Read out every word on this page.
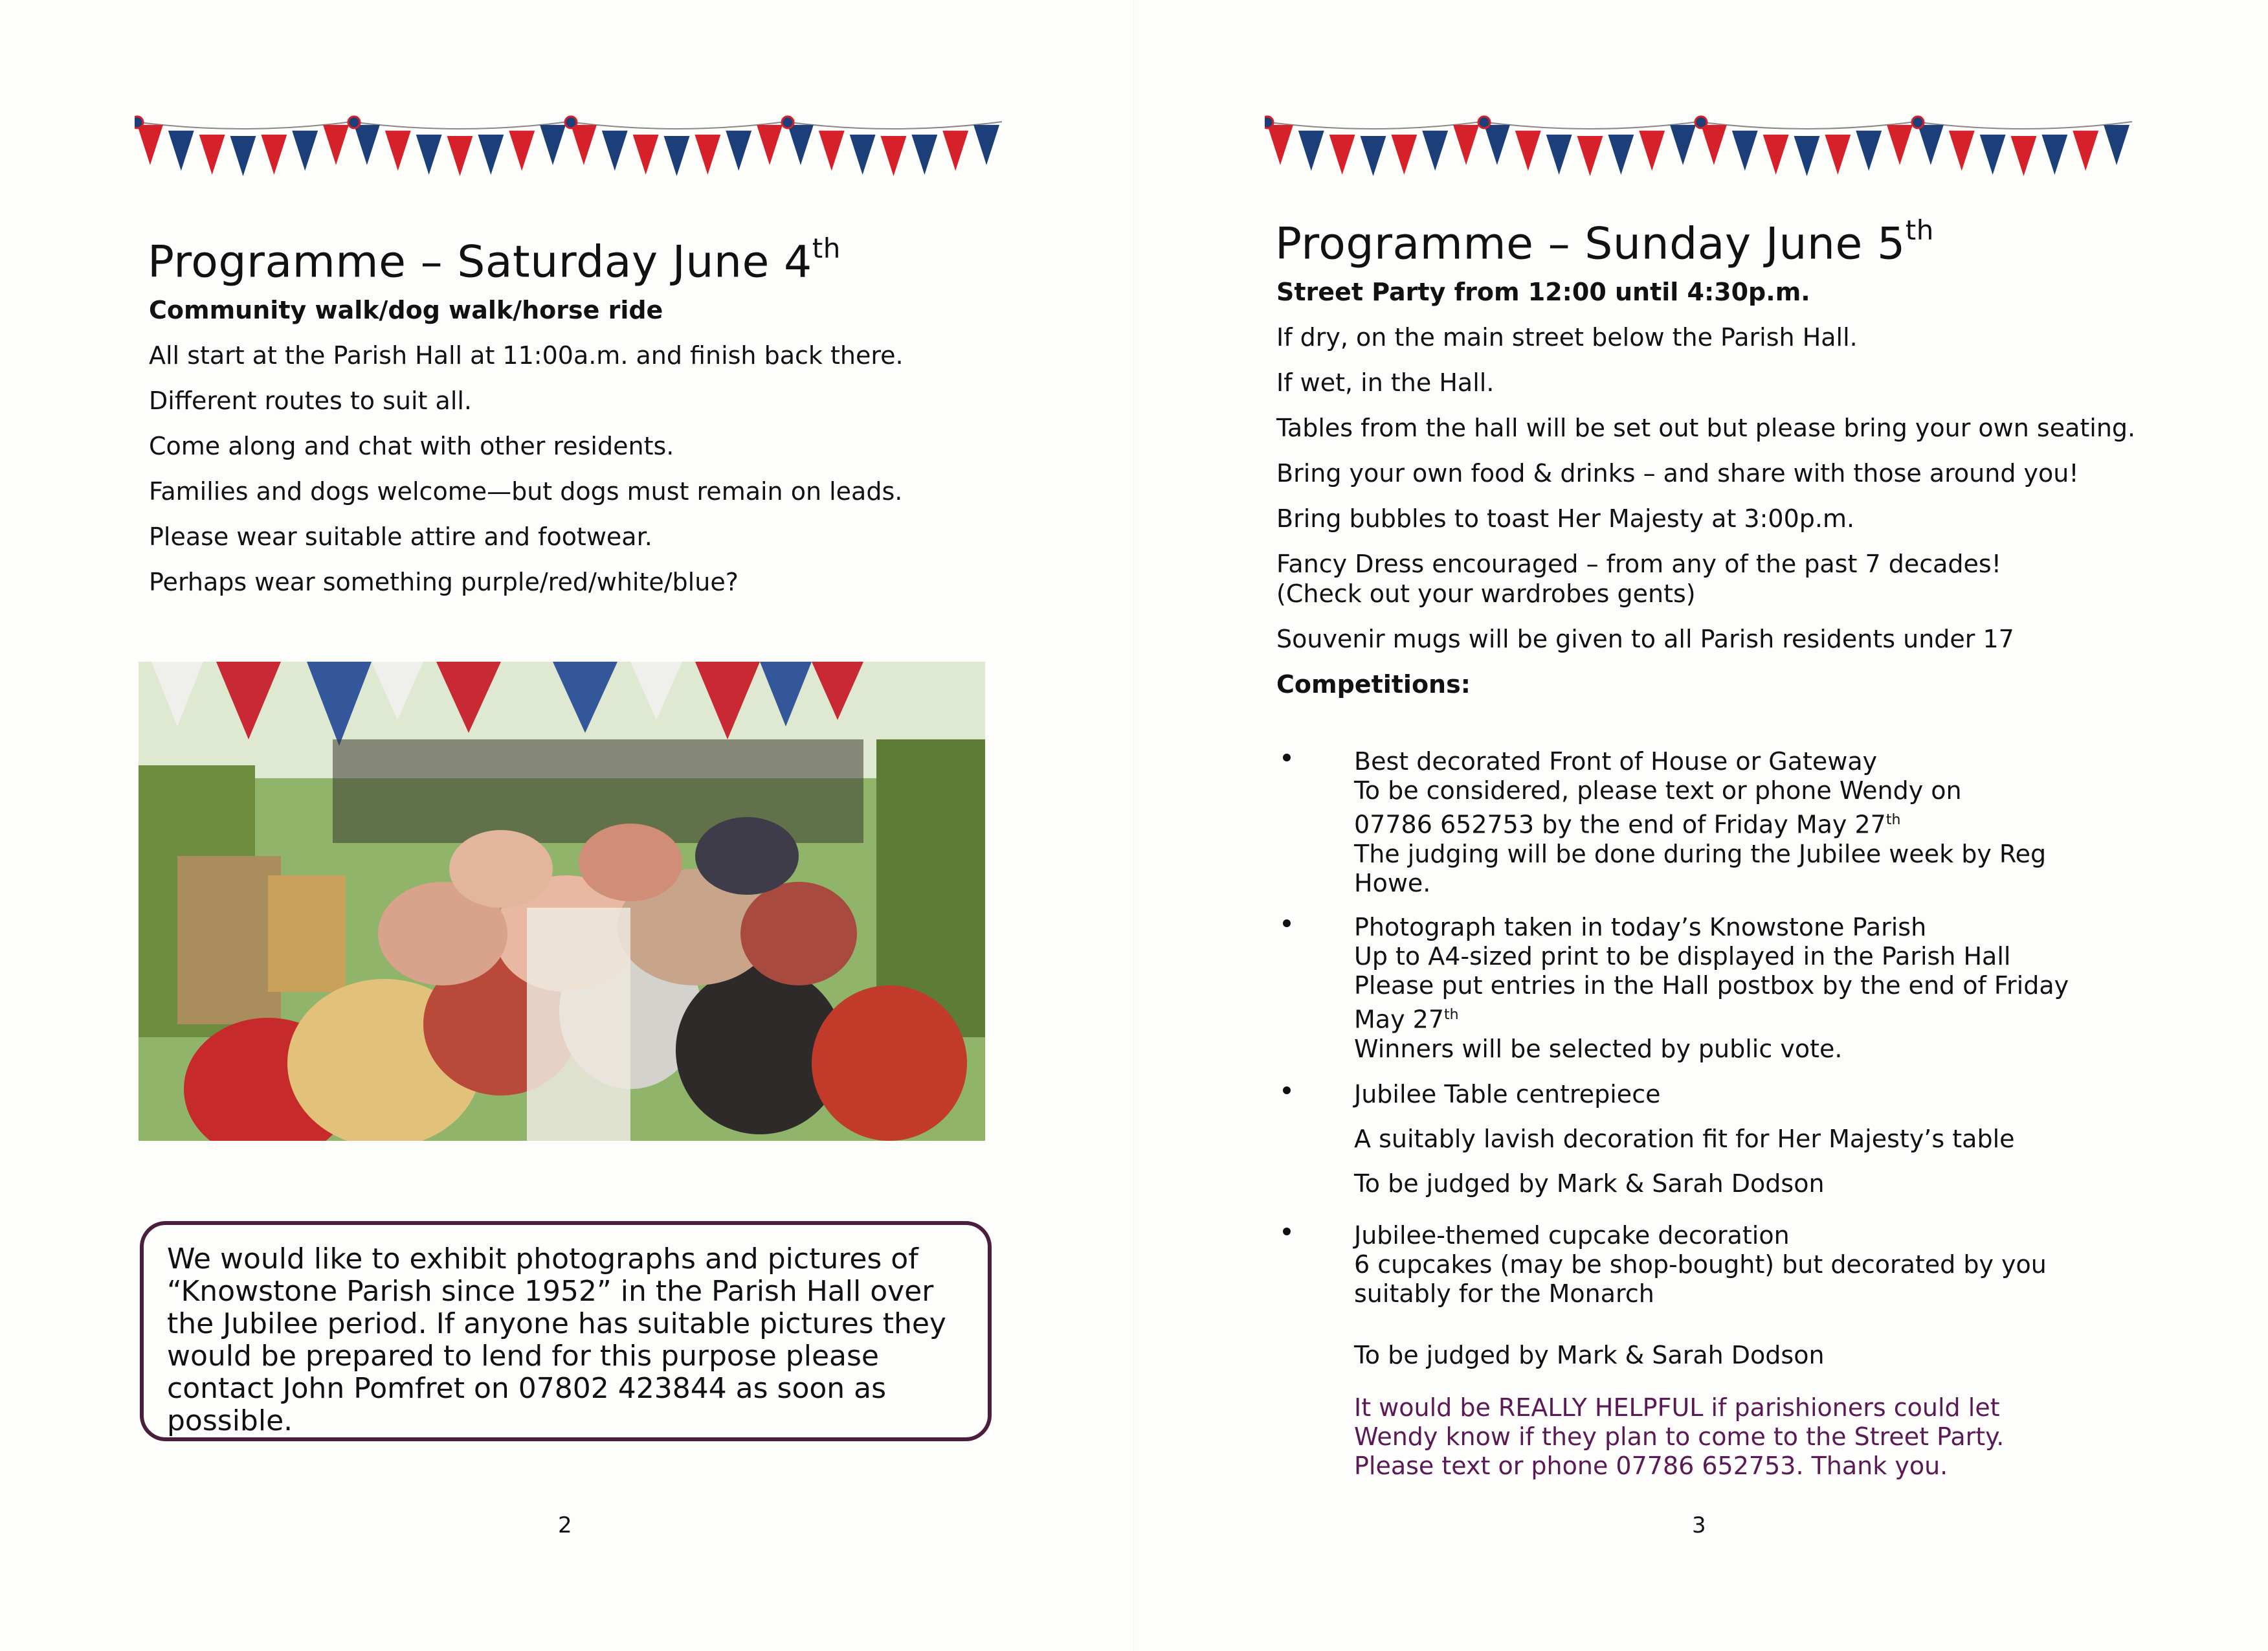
Programme – Saturday June 4th

Community walk/dog walk/horse ride

All start at the Parish Hall at 11:00a.m. and finish back there.

Different routes to suit all.

Come along and chat with other residents.

Families and dogs welcome—but dogs must remain on leads.

Please wear suitable attire and footwear.

Perhaps wear something purple/red/white/blue?

We would like to exhibit photographs and pictures of “Knowstone Parish since 1952” in the Parish Hall over the Jubilee period. If anyone has suitable pictures they would be prepared to lend for this purpose please contact John Pomfret on 07802 423844 as soon as possible.
2
Programme – Sunday June 5th

Street Party from 12:00 until 4:30p.m.

If dry, on the main street below the Parish Hall.

If wet, in the Hall.

Tables from the hall will be set out but please bring your own seating.

Bring your own food & drinks – and share with those around you!

Bring bubbles to toast Her Majesty at 3:00p.m.

Fancy Dress encouraged – from any of the past 7 decades!

(Check out your wardrobes gents)

Souvenir mugs will be given to all Parish residents under 17

Competitions:

Best decorated Front of House or Gateway

To be considered, please text or phone Wendy on

07786 652753 by the end of Friday May 27th

The judging will be done during the Jubilee week by Reg

Howe.

Photograph taken in today’s Knowstone Parish

Up to A4-sized print to be displayed in the Parish Hall

Please put entries in the Hall postbox by the end of Friday

May 27th

Winners will be selected by public vote.

Jubilee Table centrepiece

A suitably lavish decoration fit for Her Majesty’s table

To be judged by Mark & Sarah Dodson

Jubilee-themed cupcake decoration

6 cupcakes (may be shop-bought) but decorated by you

suitably for the Monarch

To be judged by Mark & Sarah Dodson

It would be REALLY HELPFUL if parishioners could let

Wendy know if they plan to come to the Street Party.

Please text or phone 07786 652753. Thank you.

3
